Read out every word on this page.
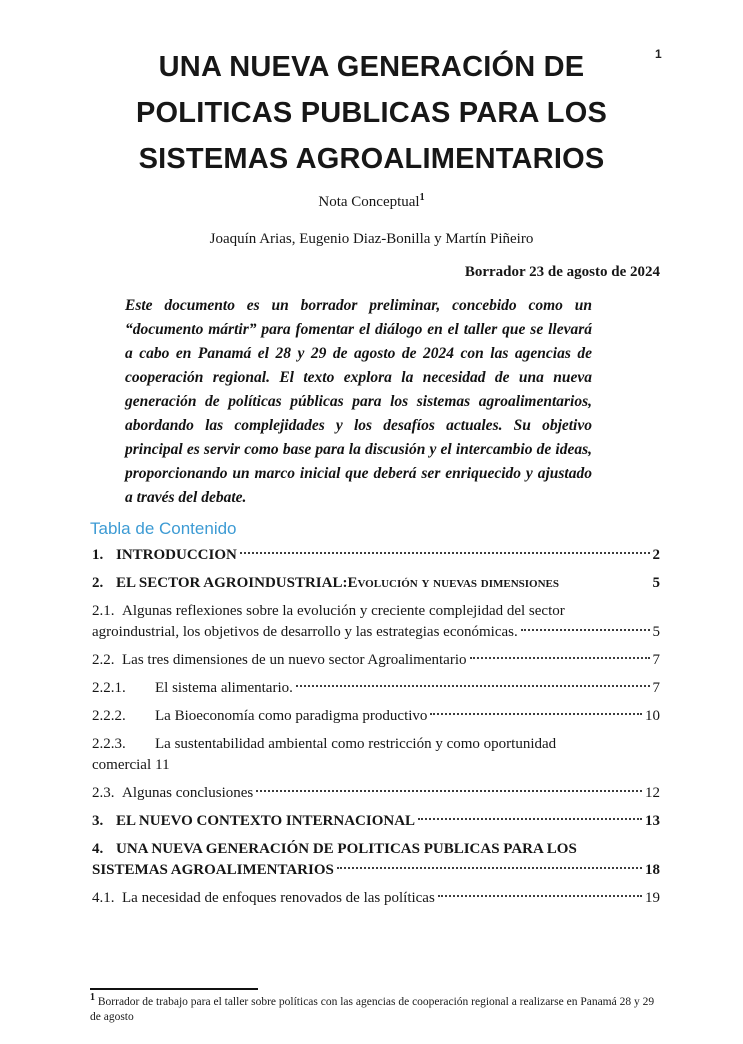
1
UNA NUEVA GENERACIÓN DE
POLITICAS PUBLICAS PARA LOS
SISTEMAS AGROALIMENTARIOS
Nota Conceptual$^1$
Joaquín Arias, Eugenio Diaz-Bonilla y Martín Piñeiro
Borrador 23 de agosto de 2024
Este documento es un borrador preliminar, concebido como un “documento mártir” para fomentar el diálogo en el taller que se llevará a cabo en Panamá el 28 y 29 de agosto de 2024 con las agencias de cooperación regional. El texto explora la necesidad de una nueva generación de políticas públicas para los sistemas agroalimentarios, abordando las complejidades y los desafíos actuales. Su objetivo principal es servir como base para la discusión y el intercambio de ideas, proporcionando un marco inicial que deberá ser enriquecido y ajustado a través del debate.
Tabla de Contenido
1. INTRODUCCION	2
2. EL SECTOR AGROINDUSTRIAL: Evolución y nuevas dimensiones	5
2.1. Algunas reflexiones sobre la evolución y creciente complejidad del sector
agroindustrial, los objetivos de desarrollo y las estrategias económicas.	5
2.2. Las tres dimensiones de un nuevo sector Agroalimentario	7
2.2.1.	El sistema alimentario.	7
2.2.2.	La Bioeconomía como paradigma productivo	10
2.2.3.	La sustentabilidad ambiental como restricción y como oportunidad
comercial 11
2.3. Algunas conclusiones	12
3. EL NUEVO CONTEXTO INTERNACIONAL	13
4. UNA NUEVA GENERACIÓN DE POLITICAS PUBLICAS PARA LOS
SISTEMAS AGROALIMENTARIOS	18
4.1. La necesidad de enfoques renovados de las políticas	19
$^1$ Borrador de trabajo para el taller sobre políticas con las agencias de cooperación regional a realizarse en Panamá 28 y 29 de agosto
